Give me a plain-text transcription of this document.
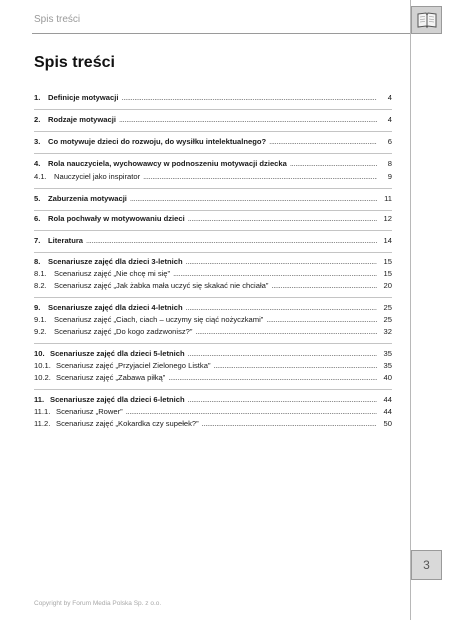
Spis treści
Spis treści
1.	Definicje motywacji . . .	4
2.	Rodzaje motywacji . . .	4
3.	Co motywuje dzieci do rozwoju, do wysiłku intelektualnego? . . .	6
4.	Rola nauczyciela, wychowawcy w podnoszeniu motywacji dziecka . . .	8
4.1. Nauczyciel jako inspirator . . .	9
5.	Zaburzenia motywacji . . .	11
6.	Rola pochwały w motywowaniu dzieci . . .	12
7.	Literatura . . .	14
8.	Scenariusze zajęć dla dzieci 3-letnich . . .	15
8.1. Scenariusz zajęć „Nie chcę mi się” . . .	15
8.2. Scenariusz zajęć „Jak żabka mała uczyć się skakać nie chciała” . . .	20
9.	Scenariusze zajęć dla dzieci 4-letnich . . .	25
9.1. Scenariusz zajęć „Ciach, ciach – uczymy się ciąć nożyczkami” . . .	25
9.2. Scenariusz zajęć „Do kogo zadzwonisz?” . . .	32
10. Scenariusze zajęć dla dzieci 5-letnich . . .	35
10.1. Scenariusz zajęć „Przyjaciel Zielonego Listka” . . .	35
10.2. Scenariusz zajęć „Zabawa piłką” . . .	40
11. Scenariusze zajęć dla dzieci 6-letnich . . .	44
11.1. Scenariusz „Rower” . . .	44
11.2. Scenariusz zajęć „Kokardka czy supełek?” . . .	50
3
Copyright by Forum Media Polska Sp. z o.o.
